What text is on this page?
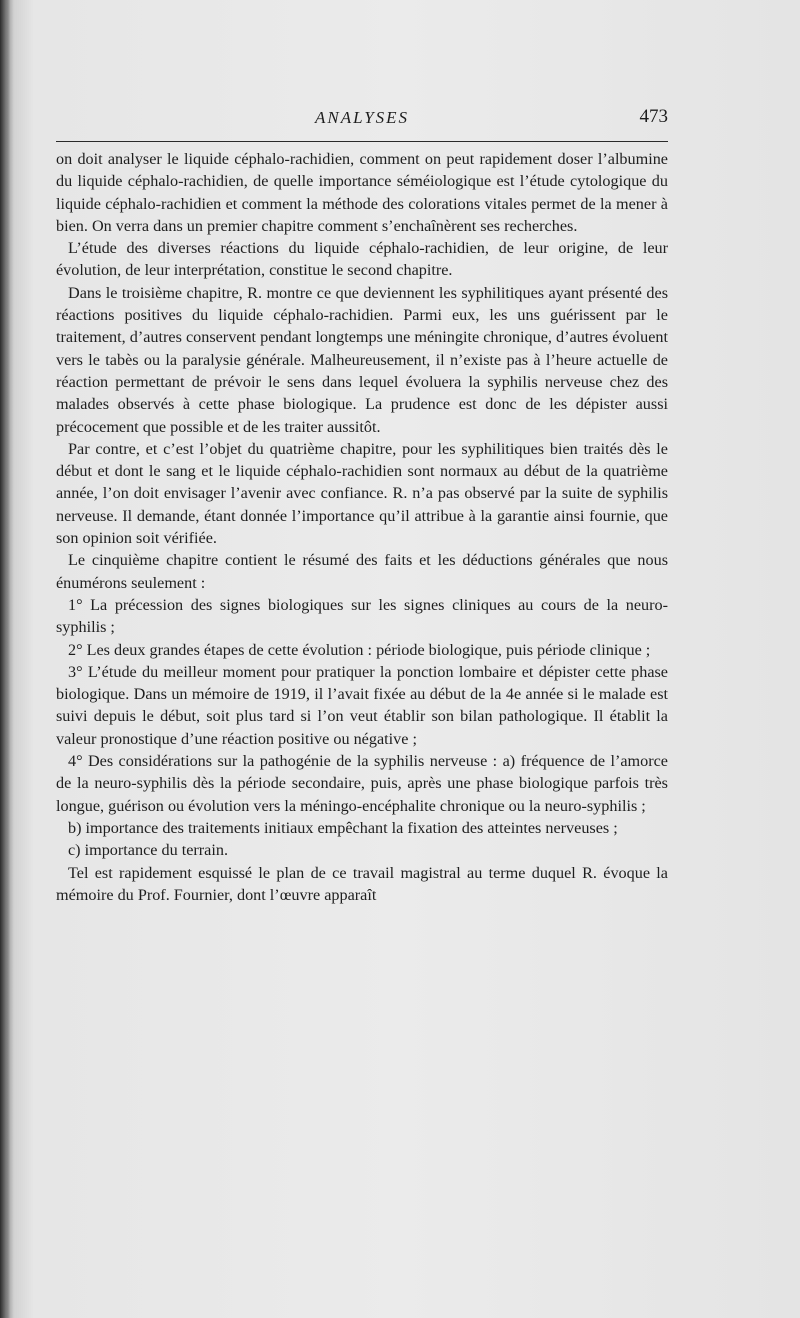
ANALYSES	473

on doit analyser le liquide céphalo-rachidien, comment on peut rapidement doser l’albumine du liquide céphalo-rachidien, de quelle importance séméiologique est l’étude cytologique du liquide céphalo-rachidien et comment la méthode des colorations vitales permet de la mener à bien. On verra dans un premier chapitre comment s’enchaînèrent ses recherches.

L’étude des diverses réactions du liquide céphalo-rachidien, de leur origine, de leur évolution, de leur interprétation, constitue le second chapitre.

Dans le troisième chapitre, R. montre ce que deviennent les syphilitiques ayant présenté des réactions positives du liquide céphalo-rachidien. Parmi eux, les uns guérissent par le traitement, d’autres conservent pendant longtemps une méningite chronique, d’autres évoluent vers le tabès ou la paralysie générale. Malheureusement, il n’existe pas à l’heure actuelle de réaction permettant de prévoir le sens dans lequel évoluera la syphilis nerveuse chez des malades observés à cette phase biologique. La prudence est donc de les dépister aussi précocement que possible et de les traiter aussitôt.

Par contre, et c’est l’objet du quatrième chapitre, pour les syphilitiques bien traités dès le début et dont le sang et le liquide céphalo-rachidien sont normaux au début de la quatrième année, l’on doit envisager l’avenir avec confiance. R. n’a pas observé par la suite de syphilis nerveuse. Il demande, étant donnée l’importance qu’il attribue à la garantie ainsi fournie, que son opinion soit vérifiée.

Le cinquième chapitre contient le résumé des faits et les déductions générales que nous énumérons seulement :

1° La précession des signes biologiques sur les signes cliniques au cours de la neuro-syphilis ;

2° Les deux grandes étapes de cette évolution : période biologique, puis période clinique ;

3° L’étude du meilleur moment pour pratiquer la ponction lombaire et dépister cette phase biologique. Dans un mémoire de 1919, il l’avait fixée au début de la 4e année si le malade est suivi depuis le début, soit plus tard si l’on veut établir son bilan pathologique. Il établit la valeur pronostique d’une réaction positive ou négative ;

4° Des considérations sur la pathogénie de la syphilis nerveuse : a) fréquence de l’amorce de la neuro-syphilis dès la période secondaire, puis, après une phase biologique parfois très longue, guérison ou évolution vers la méningo-encéphalite chronique ou la neuro-syphilis ;

b) importance des traitements initiaux empêchant la fixation des atteintes nerveuses ;

c) importance du terrain.

Tel est rapidement esquissé le plan de ce travail magistral au terme duquel R. évoque la mémoire du Prof. Fournier, dont l’œuvre apparaît
